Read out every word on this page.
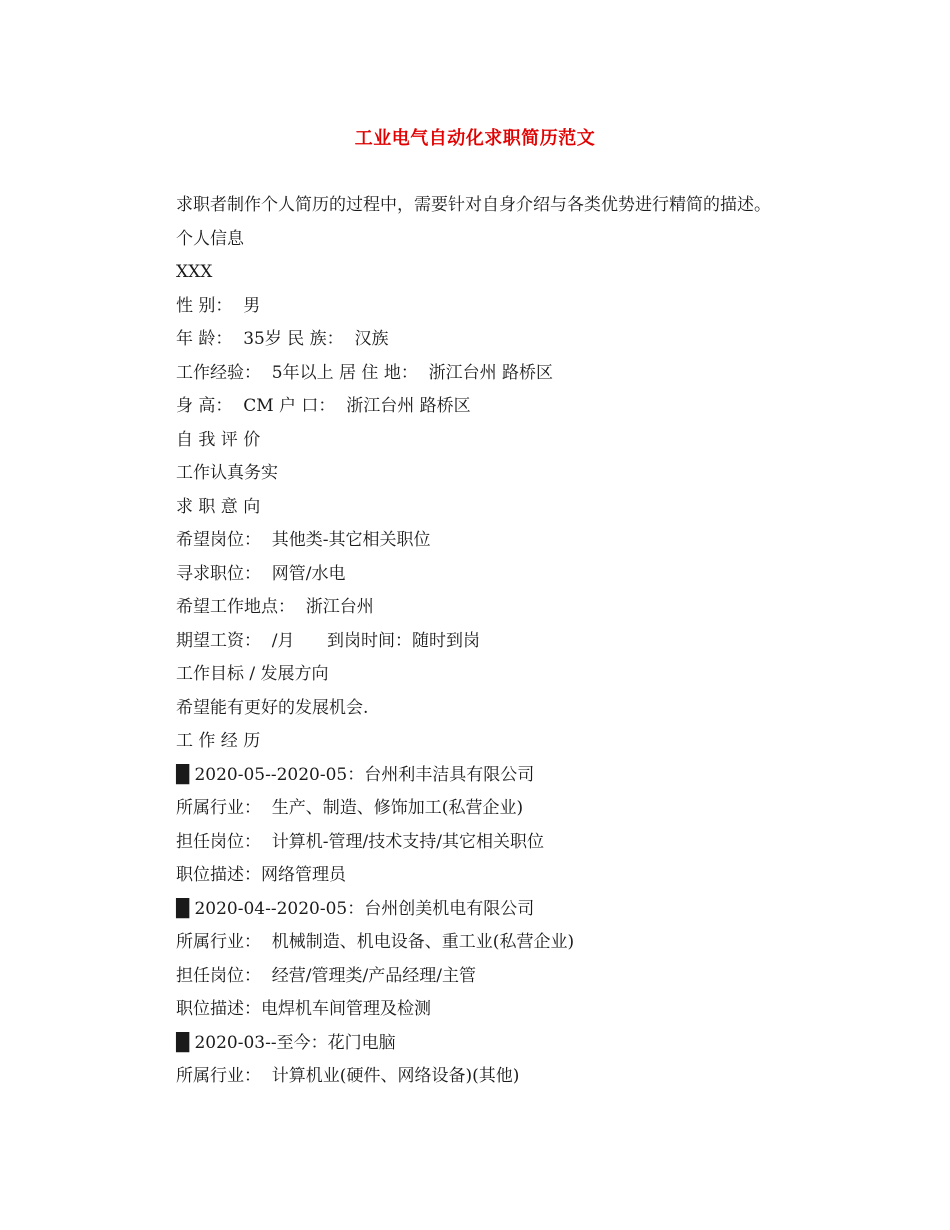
工业电气自动化求职简历范文
求职者制作个人简历的过程中，需要针对自身介绍与各类优势进行精简的描述。
个人信息
XXX
性 别：  男
年 龄：  35岁 民 族：  汉族
工作经验：  5年以上 居 住 地：  浙江台州 路桥区
身 高：  CM 户 口：  浙江台州 路桥区
自 我 评 价
工作认真务实
求 职 意 向
希望岗位：  其他类-其它相关职位
寻求职位：  网管/水电
希望工作地点：  浙江台州
期望工资：  /月      到岗时间：随时到岗
工作目标 / 发展方向
希望能有更好的发展机会.
工 作 经 历
█ 2020-05--2020-05：台州利丰洁具有限公司
所属行业：  生产、制造、修饰加工(私营企业)
担任岗位：  计算机-管理/技术支持/其它相关职位
职位描述：网络管理员
█ 2020-04--2020-05：台州创美机电有限公司
所属行业：  机械制造、机电设备、重工业(私营企业)
担任岗位：  经营/管理类/产品经理/主管
职位描述：电焊机车间管理及检测
█ 2020-03--至今：花门电脑
所属行业：  计算机业(硬件、网络设备)(其他)
